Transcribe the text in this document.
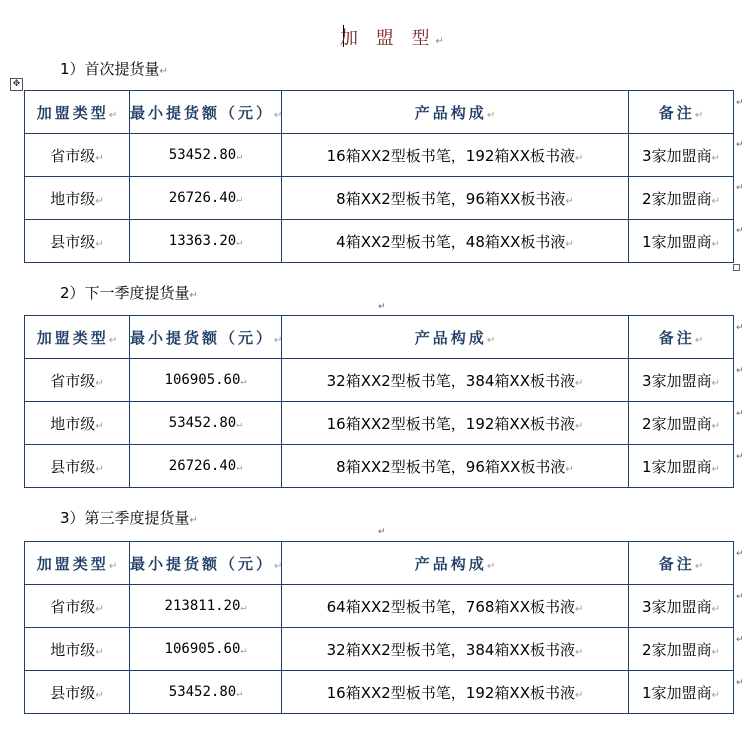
加 盟 型↵
1）首次提货量↵
✥
加盟类型↵	最小提货额（元）↵	产品构成↵	备注↵
省市级↵	53452.80↵	16箱XX2型板书笔，192箱XX板书液↵	3家加盟商↵
地市级↵	26726.40↵	8箱XX2型板书笔，96箱XX板书液↵	2家加盟商↵
县市级↵	13363.20↵	4箱XX2型板书笔，48箱XX板书液↵	1家加盟商↵
2）下一季度提货量↵
↵
加盟类型↵	最小提货额（元）↵	产品构成↵	备注↵
省市级↵	106905.60↵	32箱XX2型板书笔，384箱XX板书液↵	3家加盟商↵
地市级↵	53452.80↵	16箱XX2型板书笔，192箱XX板书液↵	2家加盟商↵
县市级↵	26726.40↵	8箱XX2型板书笔，96箱XX板书液↵	1家加盟商↵
3）第三季度提货量↵
↵
加盟类型↵	最小提货额（元）↵	产品构成↵	备注↵
省市级↵	213811.20↵	64箱XX2型板书笔，768箱XX板书液↵	3家加盟商↵
地市级↵	106905.60↵	32箱XX2型板书笔，384箱XX板书液↵	2家加盟商↵
县市级↵	53452.80↵	16箱XX2型板书笔，192箱XX板书液↵	1家加盟商↵
↵
↵
↵
↵
↵
↵
↵
↵
↵
↵
↵
↵
